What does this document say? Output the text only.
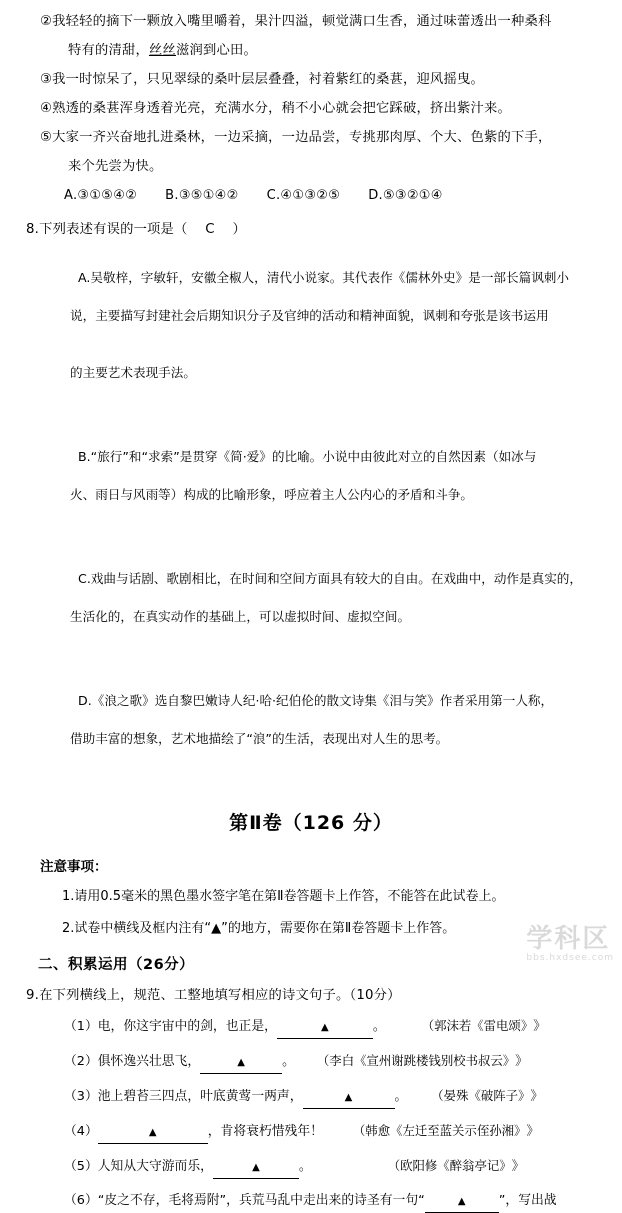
②我轻轻的摘下一颗放入嘴里嚼着，果汁四溢，顿觉满口生香，通过味蕾透出一种桑科

特有的清甜，丝丝滋润到心田。

③我一时惊呆了，只见翠绿的桑叶层层叠叠，衬着紫红的桑葚，迎风摇曳。

④熟透的桑葚浑身透着光亮，充满水分，稍不小心就会把它踩破，挤出紫汁来。

⑤大家一齐兴奋地扎进桑林，一边采摘，一边品尝，专挑那肉厚、个大、色紫的下手，

来个先尝为快。

A.③①⑤④② B.③⑤①④② C.④①③②⑤ D.⑤③②①④

8.下列表述有误的一项是（    C    ）

A.吴敬梓，字敏轩，安徽全椒人，清代小说家。其代表作《儒林外史》是一部长篇讽刺小

说，主要描写封建社会后期知识分子及官绅的活动和精神面貌，讽刺和夸张是该书运用

的主要艺术表现手法。

B.“旅行”和“求索”是贯穿《简·爱》的比喻。小说中由彼此对立的自然因素（如冰与

火、雨日与风雨等）构成的比喻形象，呼应着主人公内心的矛盾和斗争。

C.戏曲与话剧、歌剧相比，在时间和空间方面具有较大的自由。在戏曲中，动作是真实的，

生活化的，在真实动作的基础上，可以虚拟时间、虚拟空间。

D.《浪之歌》选自黎巴嫩诗人纪·哈·纪伯伦的散文诗集《泪与笑》作者采用第一人称，

借助丰富的想象，艺术地描绘了“浪”的生活，表现出对人生的思考。

第Ⅱ卷（126 分）

注意事项：

1.请用0.5毫米的黑色墨水签字笔在第Ⅱ卷答题卡上作答，不能答在此试卷上。

2.试卷中横线及框内注有“▲”的地方，需要你在第Ⅱ卷答题卡上作答。

二、积累运用（26分）

9.在下列横线上，规范、工整地填写相应的诗文句子。（10分）

（1）电，你这宇宙中的剑，也正是，	▲	。	（郭沫若《雷电颂》》
（2）俱怀逸兴壮思飞，	▲	。 （李白《宣州谢跳楼钱别校书叔云》》
（3）池上碧苔三四点，叶底黄莺一两声，	▲	。 （晏殊《破阵子》》
（4）	▲	，肯将衰朽惜残年！ （韩愈《左迁至蓝关示侄孙湘》》
（5）人知从大守游而乐，	▲	。	（欧阳修《醉翁亭记》》
（6）“皮之不存，毛将焉附”，兵荒马乱中走出来的诗圣有一句“	▲	”，写出战
学科区
bbs.hxdsee.com
